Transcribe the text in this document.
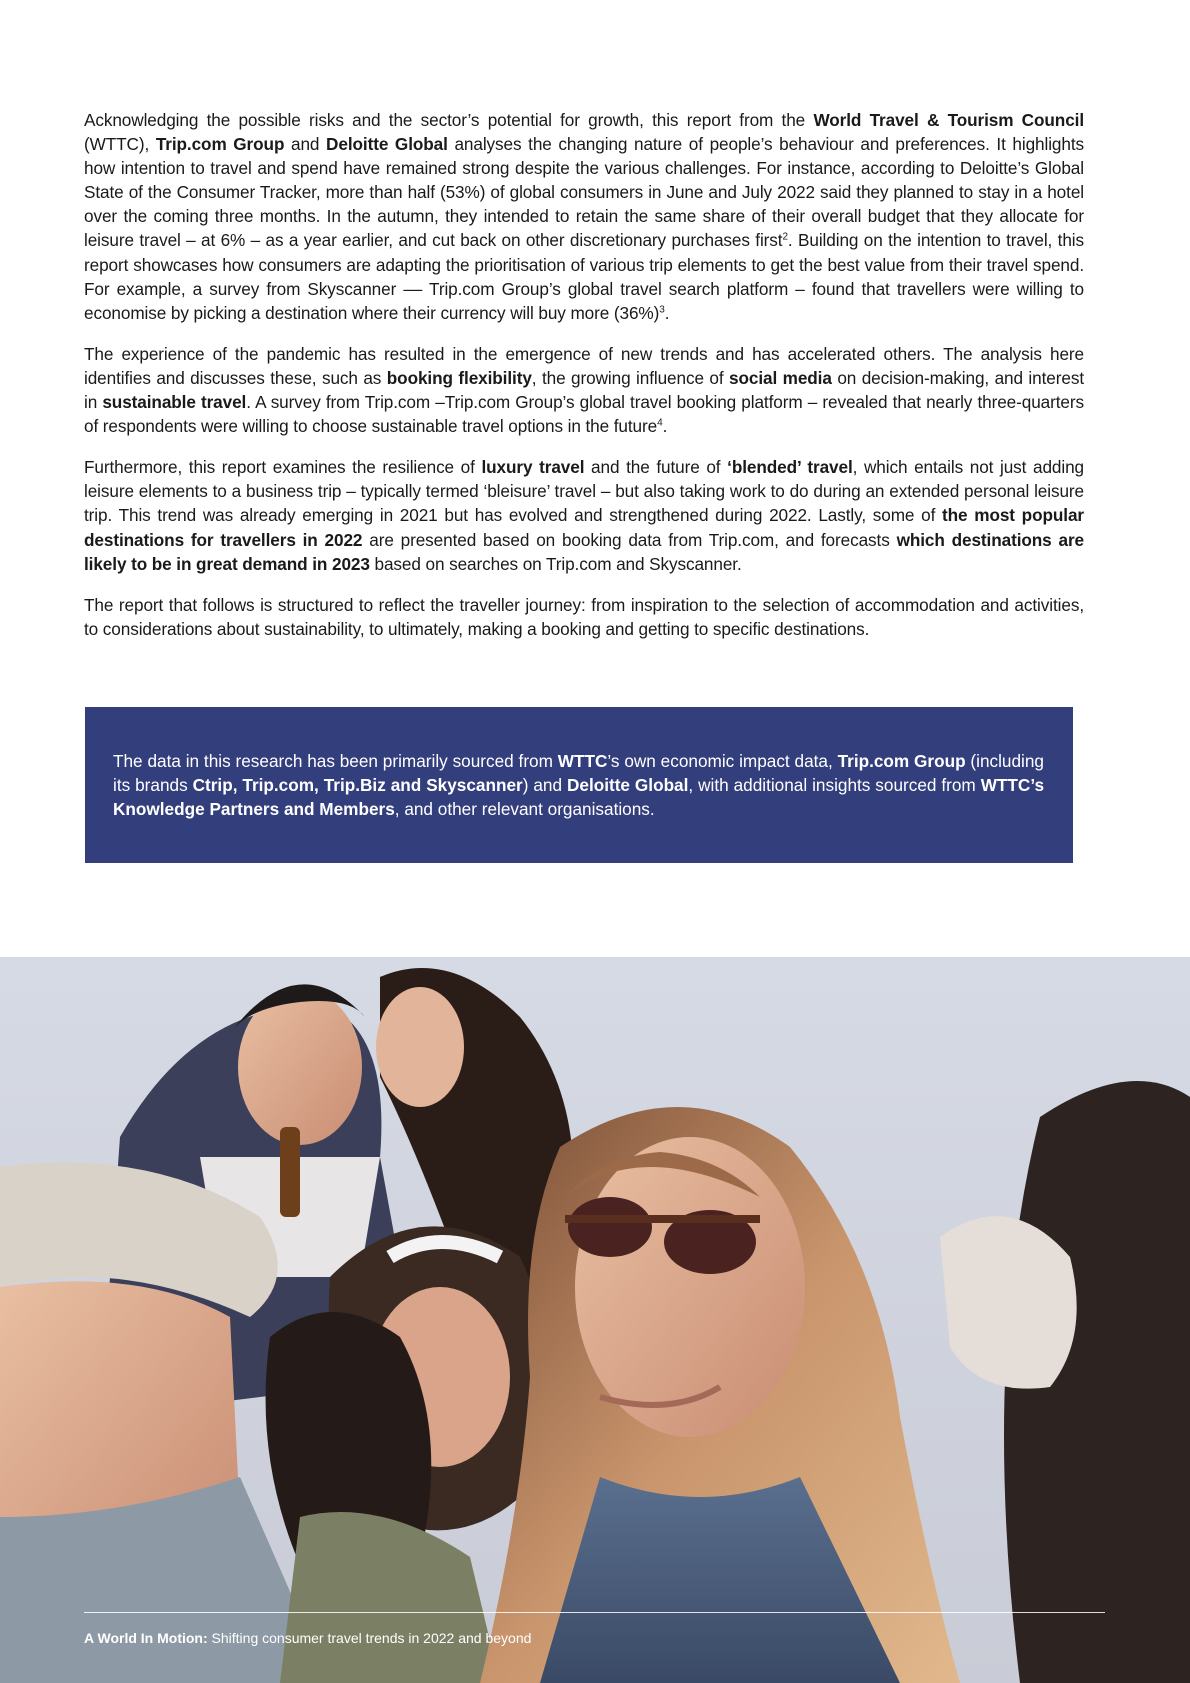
Acknowledging the possible risks and the sector’s potential for growth, this report from the World Travel & Tourism Council (WTTC), Trip.com Group and Deloitte Global analyses the changing nature of people’s behaviour and preferences. It highlights how intention to travel and spend have remained strong despite the various challenges. For instance, according to Deloitte’s Global State of the Consumer Tracker, more than half (53%) of global consumers in June and July 2022 said they planned to stay in a hotel over the coming three months. In the autumn, they intended to retain the same share of their overall budget that they allocate for leisure travel – at 6% – as a year earlier, and cut back on other discretionary purchases first$^2$. Building on the intention to travel, this report showcases how consumers are adapting the prioritisation of various trip elements to get the best value from their travel spend. For example, a survey from Skyscanner –– Trip.com Group’s global travel search platform – found that travellers were willing to economise by picking a destination where their currency will buy more $(36\%)^3$.

The experience of the pandemic has resulted in the emergence of new trends and has accelerated others. The analysis here identifies and discusses these, such as booking flexibility, the growing influence of social media on decision-making, and interest in sustainable travel. A survey from Trip.com –Trip.com Group’s global travel booking platform – revealed that nearly three-quarters of respondents were willing to choose sustainable travel options in the future$^4$.

Furthermore, this report examines the resilience of luxury travel and the future of ‘blended’ travel, which entails not just adding leisure elements to a business trip – typically termed ‘bleisure’ travel – but also taking work to do during an extended personal leisure trip. This trend was already emerging in 2021 but has evolved and strengthened during 2022. Lastly, some of the most popular destinations for travellers in 2022 are presented based on booking data from Trip.com, and forecasts which destinations are likely to be in great demand in 2023 based on searches on Trip.com and Skyscanner.

The report that follows is structured to reflect the traveller journey: from inspiration to the selection of accommodation and activities, to considerations about sustainability, to ultimately, making a booking and getting to specific destinations.

The data in this research has been primarily sourced from WTTC’s own economic impact data, Trip.com Group (including its brands Ctrip, Trip.com, Trip.Biz and Skyscanner) and Deloitte Global, with additional insights sourced from WTTC’s Knowledge Partners and Members, and other relevant organisations.

A World In Motion: Shifting consumer travel trends in 2022 and beyond
